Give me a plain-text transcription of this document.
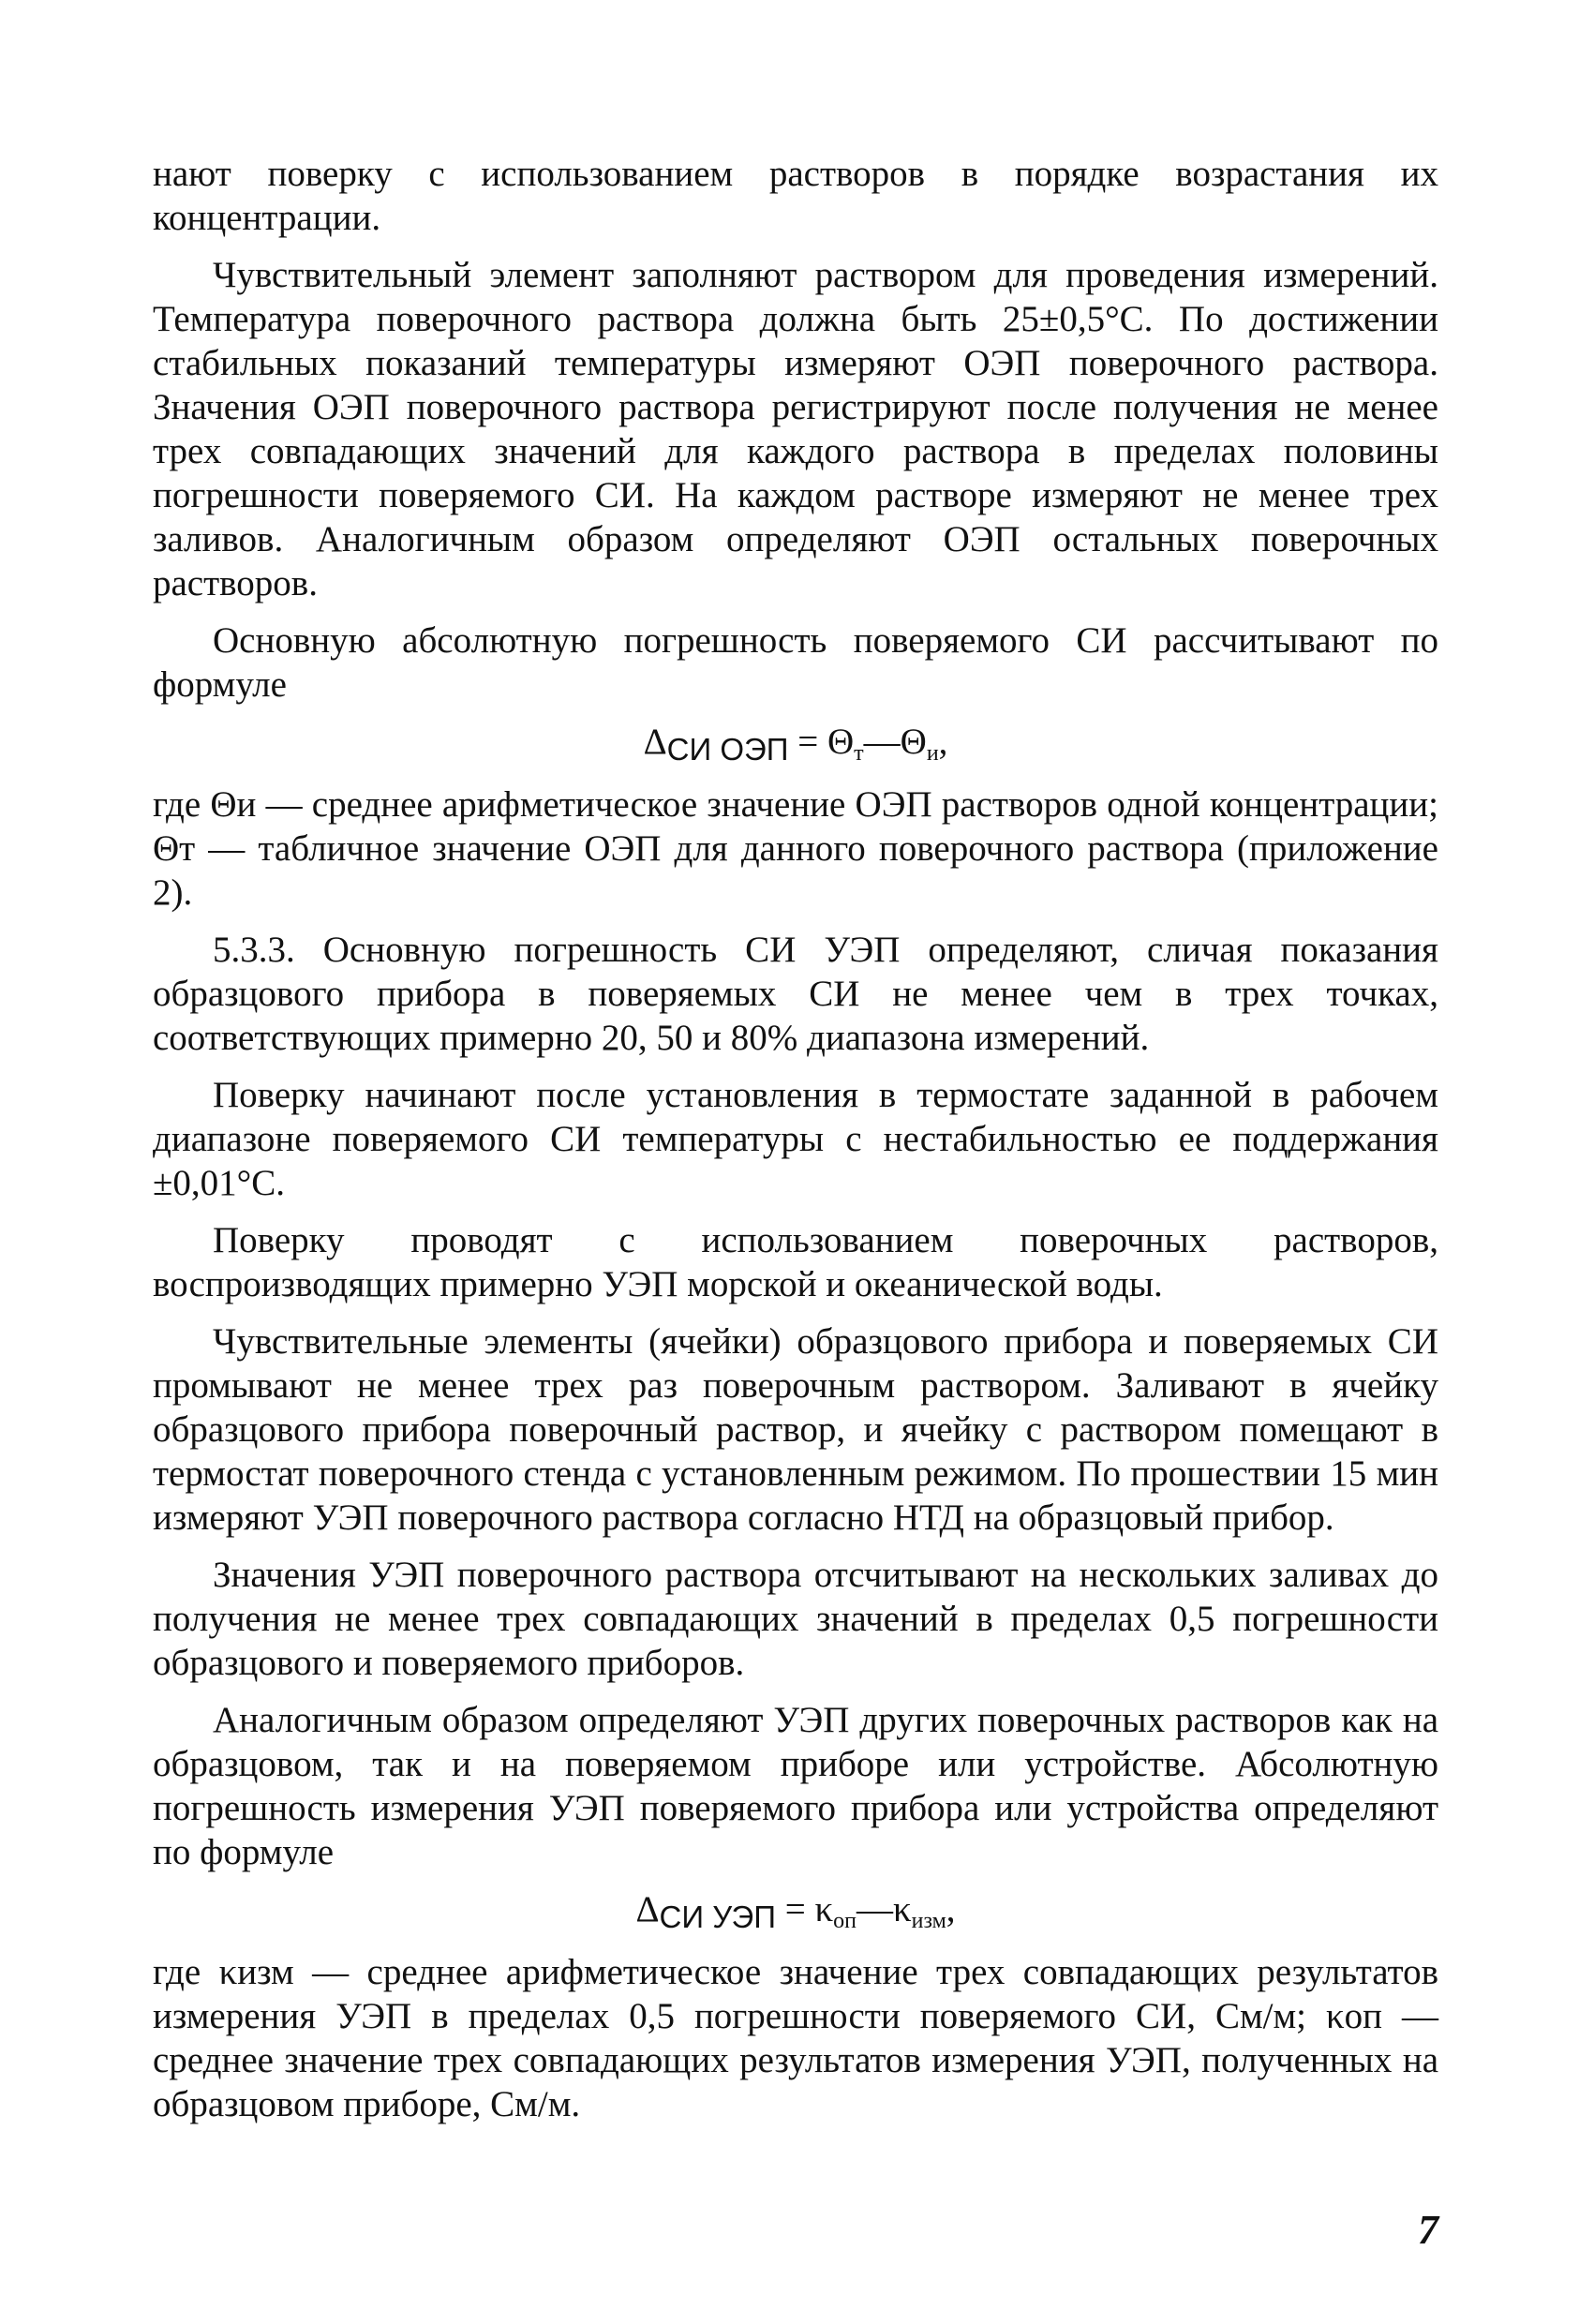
нают поверку с использованием растворов в порядке возрастания их концентрации.

Чувствительный элемент заполняют раствором для проведения измерений. Температура поверочного раствора должна быть 25±0,5°С. По достижении стабильных показаний температуры измеряют ОЭП поверочного раствора. Значения ОЭП поверочного раствора регистрируют после получения не менее трех совпадающих значений для каждого раствора в пределах половины погрешности поверяемого СИ. На каждом растворе измеряют не менее трех заливов. Аналогичным образом определяют ОЭП остальных поверочных растворов.

Основную абсолютную погрешность поверяемого СИ рассчитывают по формуле

$\Delta_{СИ ОЭП}$ = $\Theta_т—\Theta_и$,

где Θи — среднее арифметическое значение ОЭП растворов одной концентрации; Θт — табличное значение ОЭП для данного поверочного раствора (приложение 2).

5.3.3. Основную погрешность СИ УЭП определяют, сличая показания образцового прибора в поверяемых СИ не менее чем в трех точках, соответствующих примерно 20, 50 и 80% диапазона измерений.

Поверку начинают после установления в термостате заданной в рабочем диапазоне поверяемого СИ температуры с нестабильностью ее поддержания ±0,01°С.

Поверку проводят с использованием поверочных растворов, воспроизводящих примерно УЭП морской и океанической воды.

Чувствительные элементы (ячейки) образцового прибора и поверяемых СИ промывают не менее трех раз поверочным раствором. Заливают в ячейку образцового прибора поверочный раствор, и ячейку с раствором помещают в термостат поверочного стенда с установленным режимом. По прошествии 15 мин измеряют УЭП поверочного раствора согласно НТД на образцовый прибор.

Значения УЭП поверочного раствора отсчитывают на нескольких заливах до получения не менее трех совпадающих значений в пределах 0,5 погрешности образцового и поверяемого приборов.

Аналогичным образом определяют УЭП других поверочных растворов как на образцовом, так и на поверяемом приборе или устройстве. Абсолютную погрешность измерения УЭП поверяемого прибора или устройства определяют по формуле

$\Delta_{СИ УЭП}$ = $\kappa_{оп}—\kappa_{изм}$,

где κизм — среднее арифметическое значение трех совпадающих результатов измерения УЭП в пределах 0,5 погрешности поверяемого СИ, См/м; κоп — среднее значение трех совпадающих результатов измерения УЭП, полученных на образцовом приборе, См/м.

7
